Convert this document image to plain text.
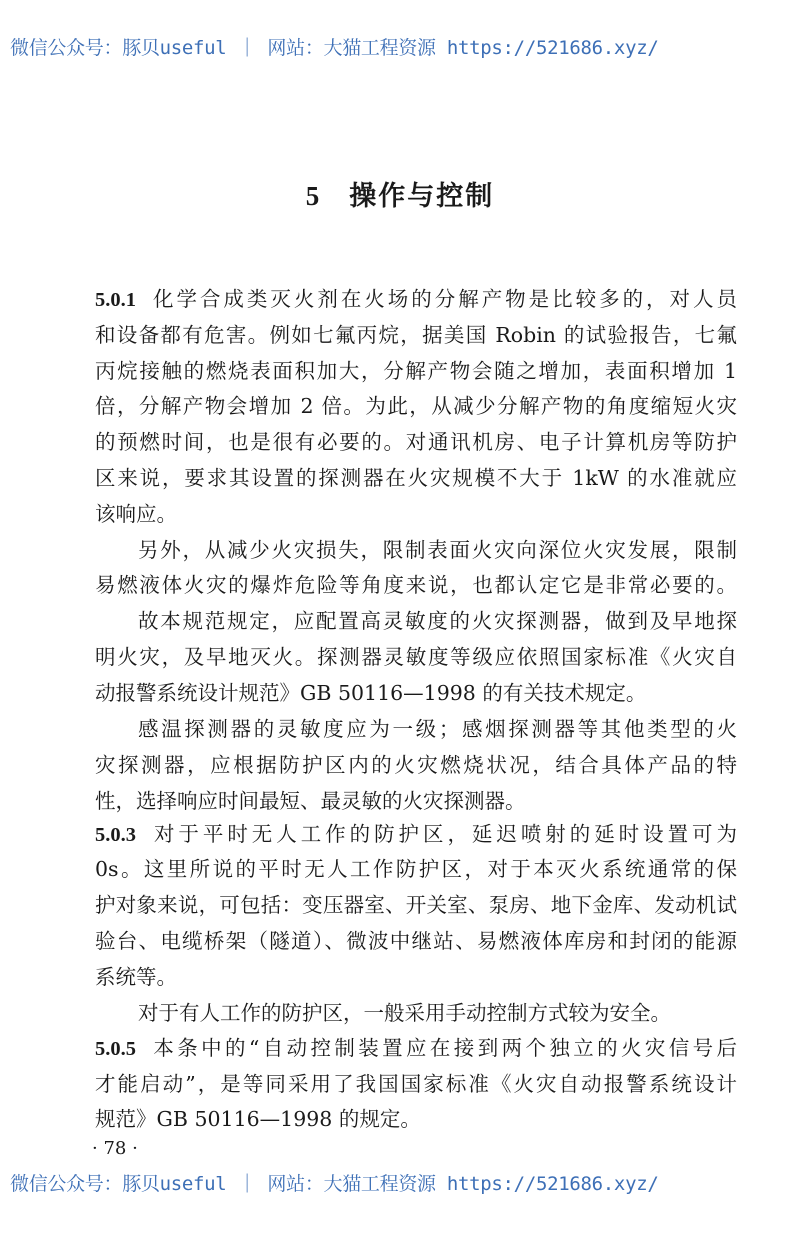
微信公众号：豚贝useful ｜ 网站：大猫工程资源 https://521686.xyz/
5 操作与控制
5.0.1 化学合成类灭火剂在火场的分解产物是比较多的，对人员
和设备都有危害。例如七氟丙烷，据美国 Robin 的试验报告，七氟
丙烷接触的燃烧表面积加大，分解产物会随之增加，表面积增加 1
倍，分解产物会增加 2 倍。为此，从减少分解产物的角度缩短火灾
的预燃时间，也是很有必要的。对通讯机房、电子计算机房等防护
区来说，要求其设置的探测器在火灾规模不大于 1kW 的水准就应
该响应。
另外，从减少火灾损失，限制表面火灾向深位火灾发展，限制
易燃液体火灾的爆炸危险等角度来说，也都认定它是非常必要的。
故本规范规定，应配置高灵敏度的火灾探测器，做到及早地探
明火灾，及早地灭火。探测器灵敏度等级应依照国家标准《火灾自
动报警系统设计规范》GB 50116—1998 的有关技术规定。
感温探测器的灵敏度应为一级；感烟探测器等其他类型的火
灾探测器，应根据防护区内的火灾燃烧状况，结合具体产品的特
性，选择响应时间最短、最灵敏的火灾探测器。
5.0.3 对于平时无人工作的防护区，延迟喷射的延时设置可为
0s。这里所说的平时无人工作防护区，对于本灭火系统通常的保
护对象来说，可包括：变压器室、开关室、泵房、地下金库、发动机试
验台、电缆桥架（隧道）、微波中继站、易燃液体库房和封闭的能源
系统等。
对于有人工作的防护区，一般采用手动控制方式较为安全。
5.0.5 本条中的“自动控制装置应在接到两个独立的火灾信号后
才能启动”，是等同采用了我国国家标准《火灾自动报警系统设计
规范》GB 50116—1998 的规定。
· 78 ·
微信公众号：豚贝useful ｜ 网站：大猫工程资源 https://521686.xyz/
